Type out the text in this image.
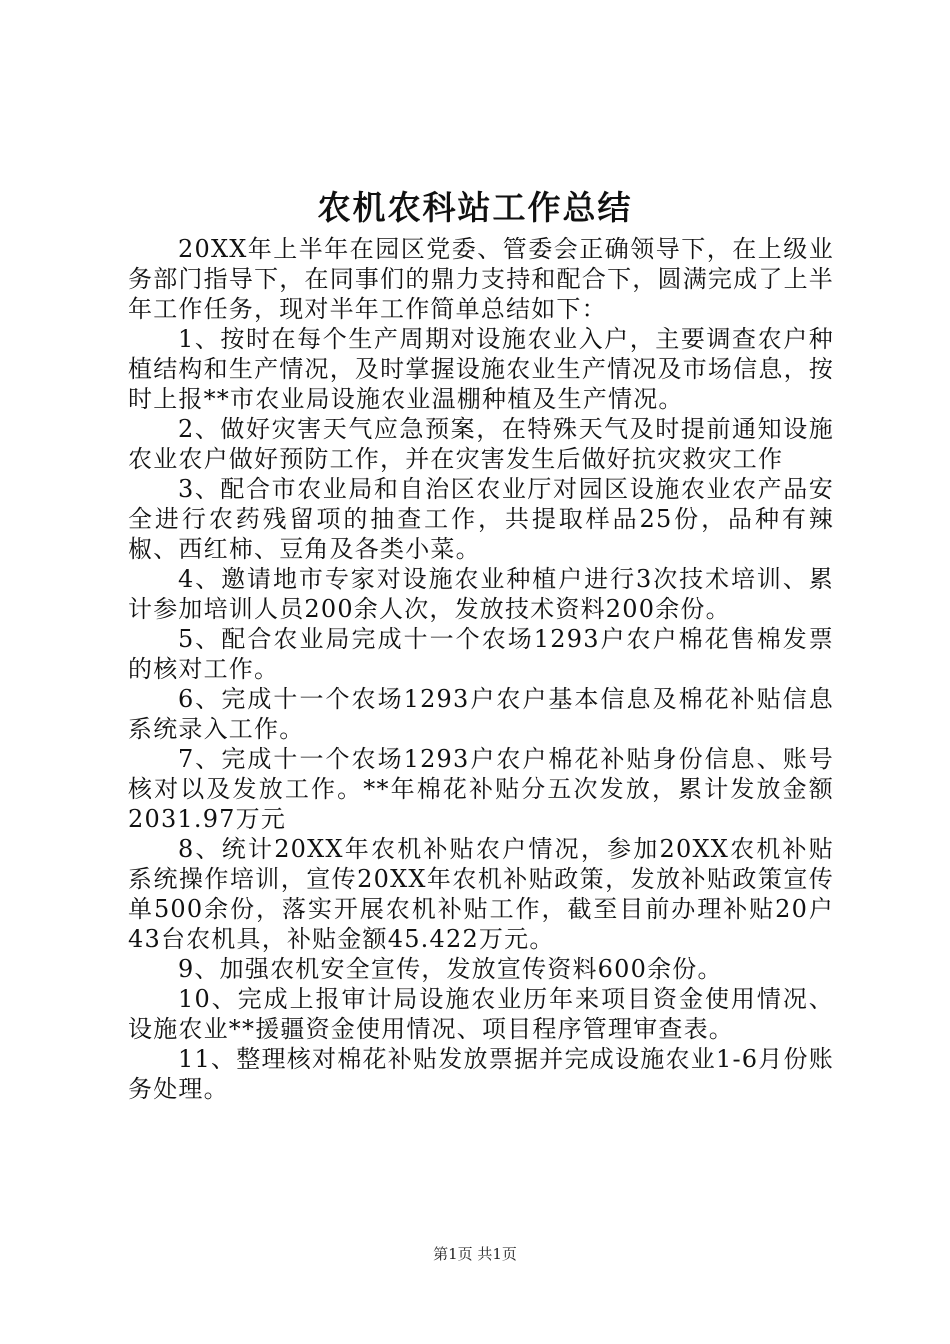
农机农科站工作总结

20XX年上半年在园区党委、管委会正确领导下，在上级业务部门指导下，在同事们的鼎力支持和配合下，圆满完成了上半年工作任务，现对半年工作简单总结如下：

1、按时在每个生产周期对设施农业入户，主要调查农户种植结构和生产情况，及时掌握设施农业生产情况及市场信息，按时上报**市农业局设施农业温棚种植及生产情况。

2、做好灾害天气应急预案，在特殊天气及时提前通知设施农业农户做好预防工作，并在灾害发生后做好抗灾救灾工作

3、配合市农业局和自治区农业厅对园区设施农业农产品安全进行农药残留项的抽查工作，共提取样品25份，品种有辣椒、西红柿、豆角及各类小菜。

4、邀请地市专家对设施农业种植户进行3次技术培训、累计参加培训人员200余人次，发放技术资料200余份。

5、配合农业局完成十一个农场1293户农户棉花售棉发票的核对工作。

6、完成十一个农场1293户农户基本信息及棉花补贴信息系统录入工作。

7、完成十一个农场1293户农户棉花补贴身份信息、账号核对以及发放工作。**年棉花补贴分五次发放，累计发放金额2031.97万元

8、统计20XX年农机补贴农户情况，参加20XX农机补贴系统操作培训，宣传20XX年农机补贴政策，发放补贴政策宣传单500余份，落实开展农机补贴工作，截至目前办理补贴20户43台农机具，补贴金额45.422万元。

9、加强农机安全宣传，发放宣传资料600余份。

10、完成上报审计局设施农业历年来项目资金使用情况、设施农业**援疆资金使用情况、项目程序管理审查表。

11、整理核对棉花补贴发放票据并完成设施农业1-6月份账务处理。

第1页 共1页
